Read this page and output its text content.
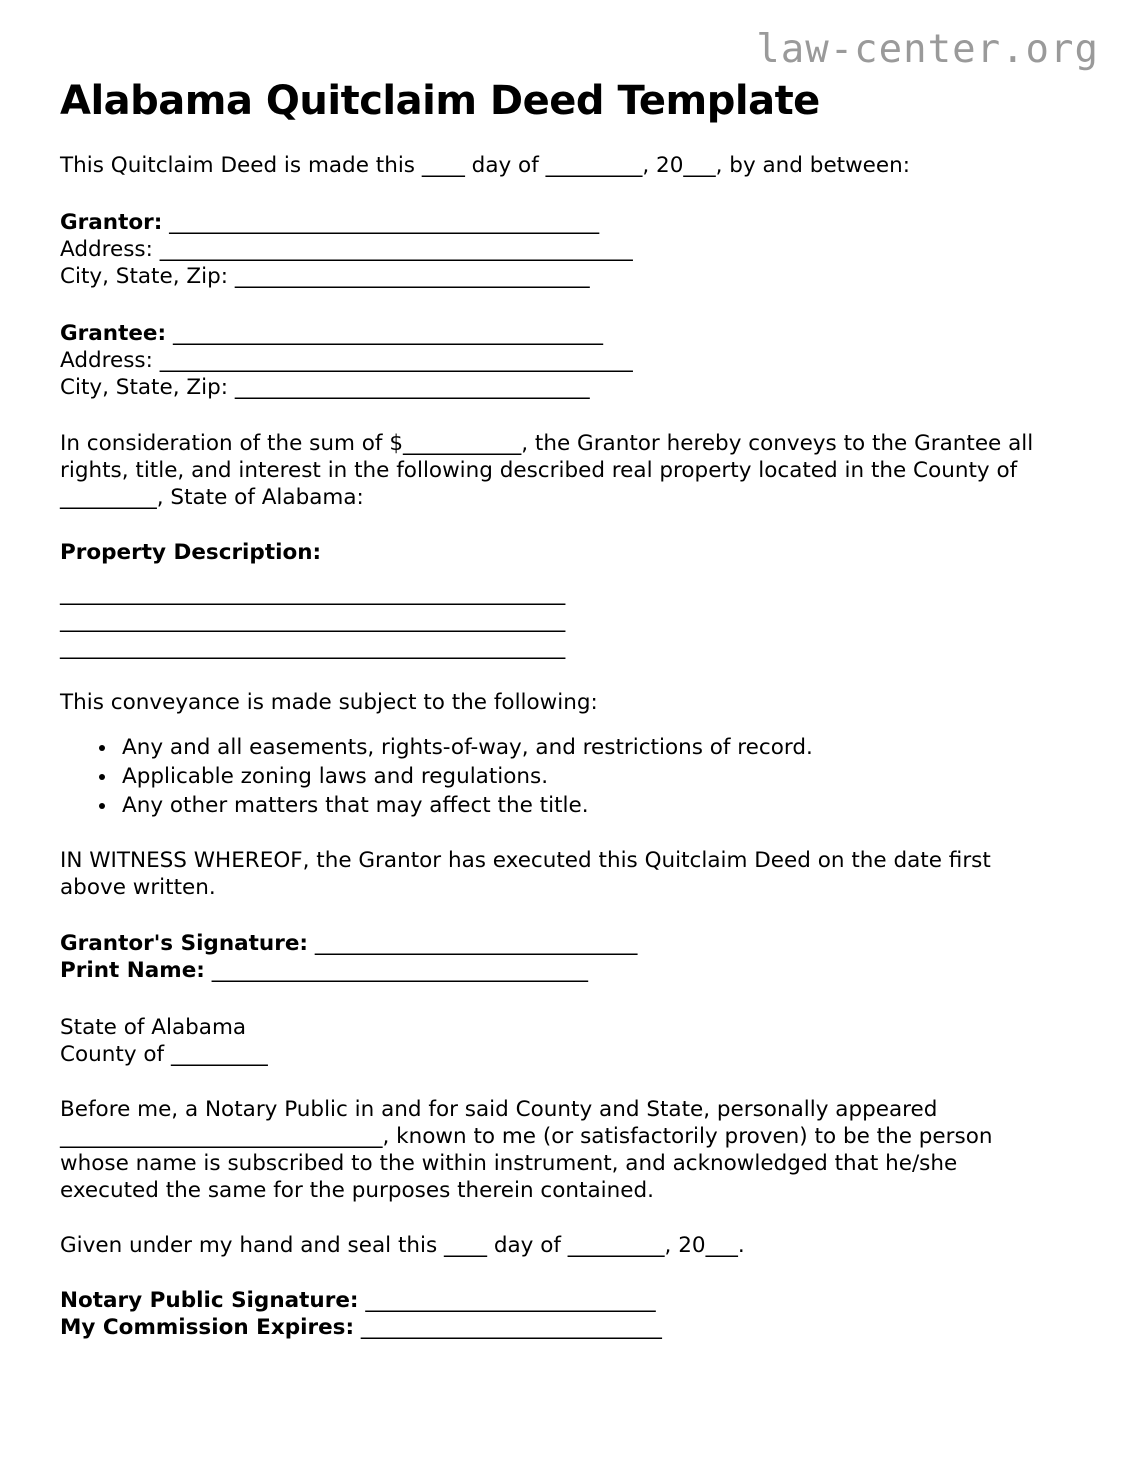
law-center.org
Alabama Quitclaim Deed Template

This Quitclaim Deed is made this ____ day of _________, 20___, by and between:

Grantor: ________________________________________
Address: ____________________________________________
City, State, Zip: _________________________________
Grantee: ________________________________________
Address: ____________________________________________
City, State, Zip: _________________________________

In consideration of the sum of $___________, the Grantor hereby conveys to the Grantee all rights, title, and interest in the following described real property located in the County of _________, State of Alabama:

Property Description:

_______________________________________________
_______________________________________________
_______________________________________________

This conveyance is made subject to the following:

• Any and all easements, rights-of-way, and restrictions of record.
• Applicable zoning laws and regulations.
• Any other matters that may affect the title.

IN WITNESS WHEREOF, the Grantor has executed this Quitclaim Deed on the date first above written.

Grantor's Signature: ______________________________
Print Name: ___________________________________
State of Alabama
County of _________

Before me, a Notary Public in and for said County and State, personally appeared ______________________________, known to me (or satisfactorily proven) to be the person whose name is subscribed to the within instrument, and acknowledged that he/she executed the same for the purposes therein contained.

Given under my hand and seal this ____ day of _________, 20___.

Notary Public Signature: ___________________________
My Commission Expires: ____________________________
